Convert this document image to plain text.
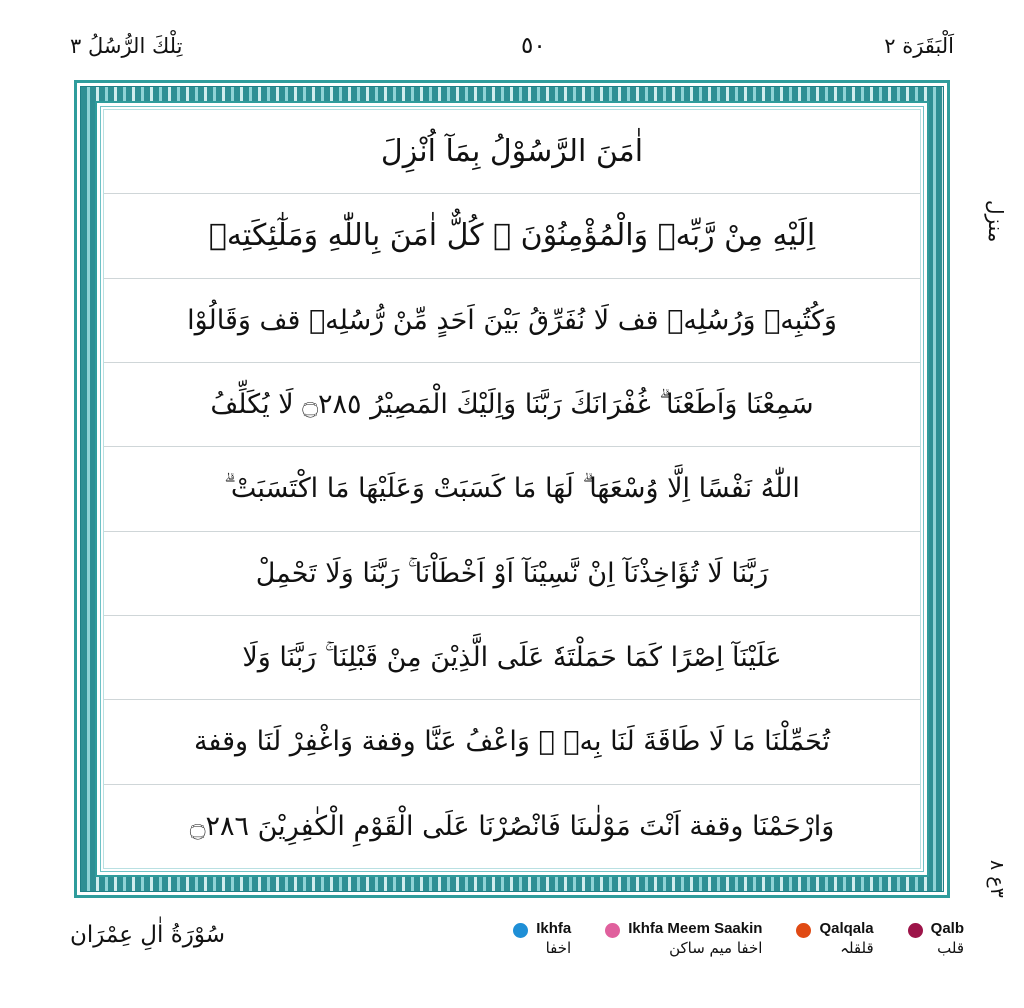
اَلْبَقَرَة ٢
٥٠
تِلْكَ الرُّسُلُ ٣
منزل
٣ع ٨
اٰمَنَ الرَّسُوْلُ بِمَآ اُنْزِلَ
اِلَيْهِ مِنْ رَّبِّهٖ وَالْمُؤْمِنُوْنَ ۛ كُلٌّ اٰمَنَ بِاللّٰهِ وَمَلٰٓئِكَتِهٖ
وَكُتُبِهٖ وَرُسُلِهٖ قف لَا نُفَرِّقُ بَيْنَ اَحَدٍ مِّنْ رُّسُلِهٖ قف وَقَالُوْا
سَمِعْنَا وَاَطَعْنَا ۗ غُفْرَانَكَ رَبَّنَا وَاِلَيْكَ الْمَصِيْرُ ۝٢٨٥ لَا يُكَلِّفُ
اللّٰهُ نَفْسًا اِلَّا وُسْعَهَا ۗ لَهَا مَا كَسَبَتْ وَعَلَيْهَا مَا اكْتَسَبَتْ ۗ
رَبَّنَا لَا تُؤَاخِذْنَآ اِنْ نَّسِيْنَآ اَوْ اَخْطَاْنَا ۚ رَبَّنَا وَلَا تَحْمِلْ
عَلَيْنَآ اِصْرًا كَمَا حَمَلْتَهٗ عَلَى الَّذِيْنَ مِنْ قَبْلِنَا ۚ رَبَّنَا وَلَا
تُحَمِّلْنَا مَا لَا طَاقَةَ لَنَا بِهٖ ۚ وَاعْفُ عَنَّا وقفة وَاغْفِرْ لَنَا وقفة
وَارْحَمْنَا وقفة اَنْتَ مَوْلٰىنَا فَانْصُرْنَا عَلَى الْقَوْمِ الْكٰفِرِيْنَ ۝٢٨٦
سُوْرَةُ اٰلِ عِمْرَان	Ikhfa
اخفا
Ikhfa Meem Saakin
اخفا میم ساکن
Qalqala
قلقلہ
Qalb
قلب
